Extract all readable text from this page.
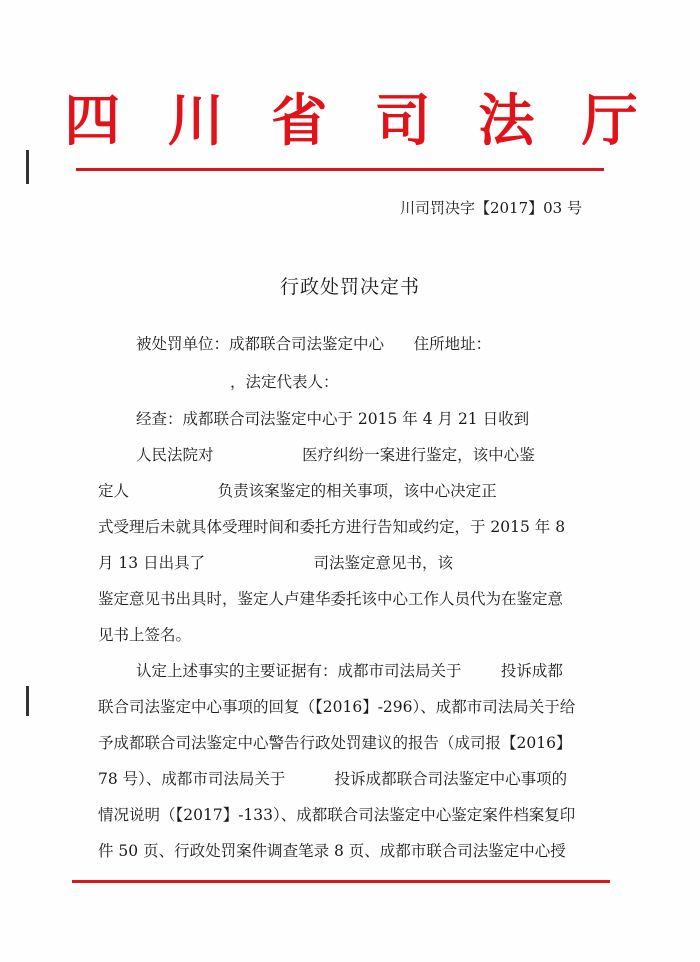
四 川 省 司 法 厅
川司罚决字【2017】03 号
行政处罚决定书
被处罚单位：成都联合司法鉴定中心      住所地址：
，法定代表人：
经查：成都联合司法鉴定中心于 2015 年 4 月 21 日收到
人民法院对                  医疗纠纷一案进行鉴定，该中心鉴
定人                  负责该案鉴定的相关事项，该中心决定正
式受理后未就具体受理时间和委托方进行告知或约定，于 2015 年 8
月 13 日出具了                      司法鉴定意见书，该
鉴定意见书出具时，鉴定人卢建华委托该中心工作人员代为在鉴定意
见书上签名。
认定上述事实的主要证据有：成都市司法局关于        投诉成都
联合司法鉴定中心事项的回复（【2016】-296）、成都市司法局关于给
予成都联合司法鉴定中心警告行政处罚建议的报告（成司报【2016】
78 号）、成都市司法局关于          投诉成都联合司法鉴定中心事项的
情况说明（【2017】-133）、成都联合司法鉴定中心鉴定案件档案复印
件 50 页、行政处罚案件调查笔录 8 页、成都市联合司法鉴定中心授
